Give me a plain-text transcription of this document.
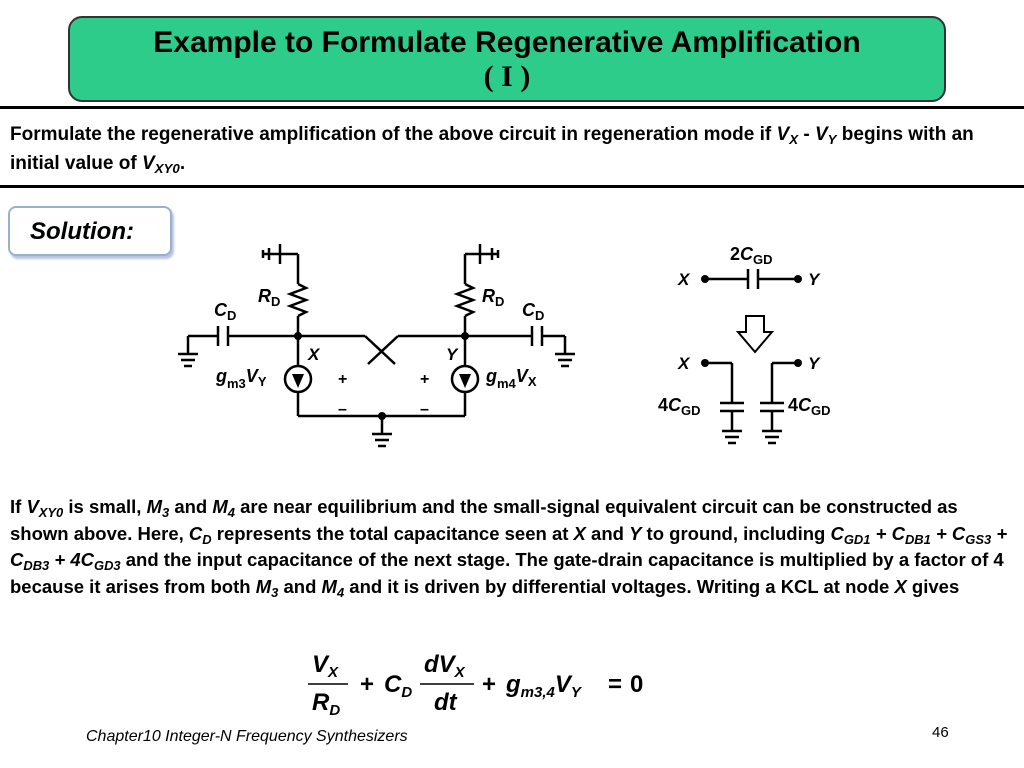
Example to Formulate Regenerative Amplification
( I )
Formulate the regenerative amplification of the above circuit in regeneration mode if $V_X - V_Y$ begins with an initial value of $V_{XY0}$.
Solution:
$R_D$	$R_D$
$C_D$	$C_D$
X	Y
$g_{m3}V_Y$	$g_{m4}V_X$
+	+
–	–
$2C_{GD}$
X	Y
X	Y
$4C_{GD}$	$4C_{GD}$
If $V_{XY0}$ is small, $M_3$ and $M_4$ are near equilibrium and the small-signal equivalent circuit can be constructed as shown above. Here, $C_D$ represents the total capacitance seen at X and Y to ground, including $C_{GD1} + C_{DB1} + C_{GS3} + C_{DB3} + 4C_{GD3}$ and the input capacitance of the next stage. The gate-drain capacitance is multiplied by a factor of 4 because it arises from both $M_3$ and $M_4$ and it is driven by differential voltages. Writing a KCL at node X gives
$V_X$
$R_D$
+ $C_D$
$dV_X$
dt
+ $g_{m3,4}V_Y = 0$
Chapter10 Integer-N Frequency Synthesizers	46
